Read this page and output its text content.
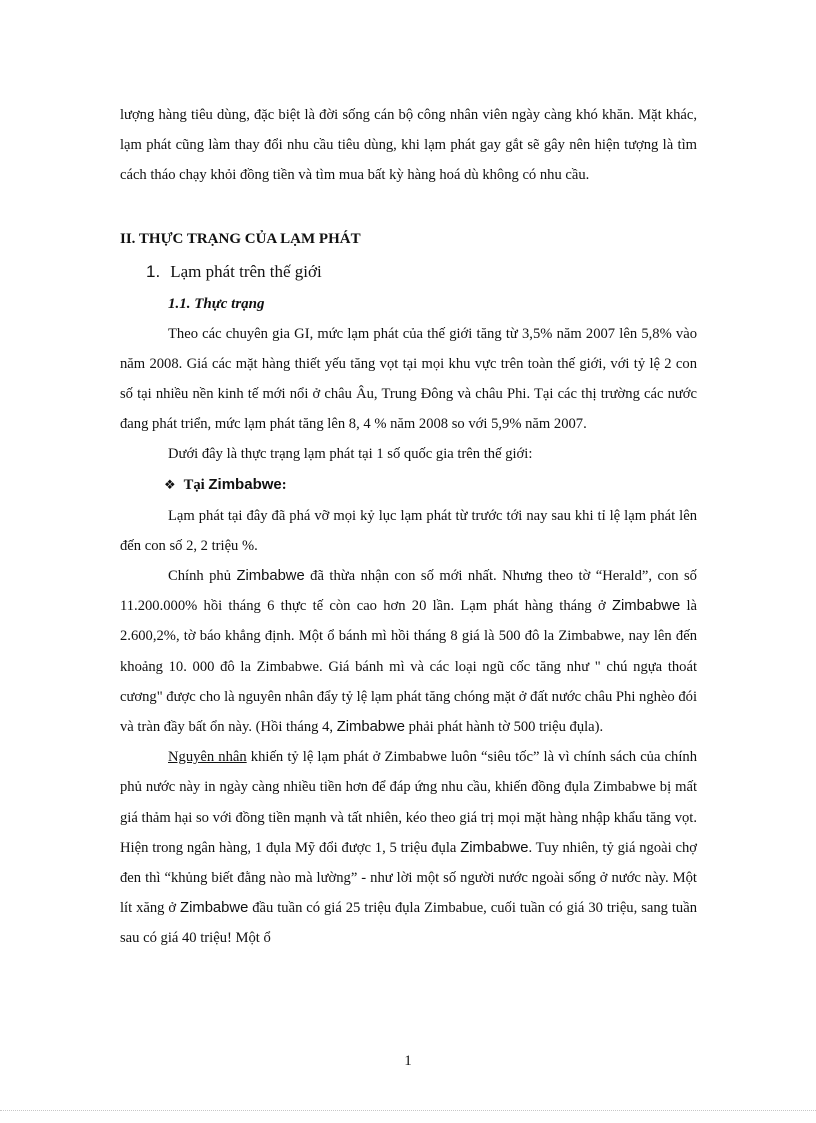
lượng hàng tiêu dùng, đặc biệt là đời sống cán bộ công nhân viên ngày càng khó khăn. Mặt khác, lạm phát cũng làm thay đổi nhu cầu tiêu dùng, khi lạm phát gay gắt sẽ gây nên hiện tượng là tìm cách tháo chạy khỏi đồng tiền và tìm mua bất kỳ hàng hoá dù không có nhu cầu.

II. THỰC TRẠNG CỦA LẠM PHÁT
1. Lạm phát trên thế giới
1.1. Thực trạng

Theo các chuyên gia GI, mức lạm phát của thế giới tăng từ 3,5% năm 2007 lên 5,8% vào năm 2008. Giá các mặt hàng thiết yếu tăng vọt tại mọi khu vực trên toàn thế giới, với tỷ lệ 2 con số tại nhiều nền kinh tế mới nổi ở châu Âu, Trung Đông và châu Phi. Tại các thị trường các nước đang phát triển, mức lạm phát tăng lên 8, 4 % năm 2008 so với 5,9% năm 2007.

Dưới đây là thực trạng lạm phát tại 1 số quốc gia trên thế giới:

❖ Tại Zimbabwe:

Lạm phát tại đây đã phá vỡ mọi kỷ lục lạm phát từ trước tới nay sau khi tỉ lệ lạm phát lên đến con số 2, 2 triệu %.

Chính phủ Zimbabwe đã thừa nhận con số mới nhất. Nhưng theo tờ “Herald”, con số 11.200.000% hồi tháng 6 thực tế còn cao hơn 20 lần. Lạm phát hàng tháng ở Zimbabwe là 2.600,2%, tờ báo khẳng định. Một ổ bánh mì hồi tháng 8 giá là 500 đô la Zimbabwe, nay lên đến khoảng 10. 000 đô la Zimbabwe. Giá bánh mì và các loại ngũ cốc tăng như " chú ngựa thoát cương" được cho là nguyên nhân đẩy tỷ lệ lạm phát tăng chóng mặt ở đất nước châu Phi nghèo đói và tràn đầy bất ổn này. (Hồi tháng 4, Zimbabwe phải phát hành tờ 500 triệu đụla).

Nguyên nhân khiến tỷ lệ lạm phát ở Zimbabwe luôn “siêu tốc” là vì chính sách của chính phủ nước này in ngày càng nhiều tiền hơn để đáp ứng nhu cầu, khiến đồng đụla Zimbabwe bị mất giá thảm hại so với đồng tiền mạnh và tất nhiên, kéo theo giá trị mọi mặt hàng nhập khẩu tăng vọt. Hiện trong ngân hàng, 1 đụla Mỹ đổi được 1, 5 triệu đụla Zimbabwe. Tuy nhiên, tỷ giá ngoài chợ đen thì “khủng biết đằng nào mà lường” - như lời một số người nước ngoài sống ở nước này. Một lít xăng ở Zimbabwe đầu tuần có giá 25 triệu đụla Zimbabue, cuối tuần có giá 30 triệu, sang tuần sau có giá 40 triệu! Một ổ

1
